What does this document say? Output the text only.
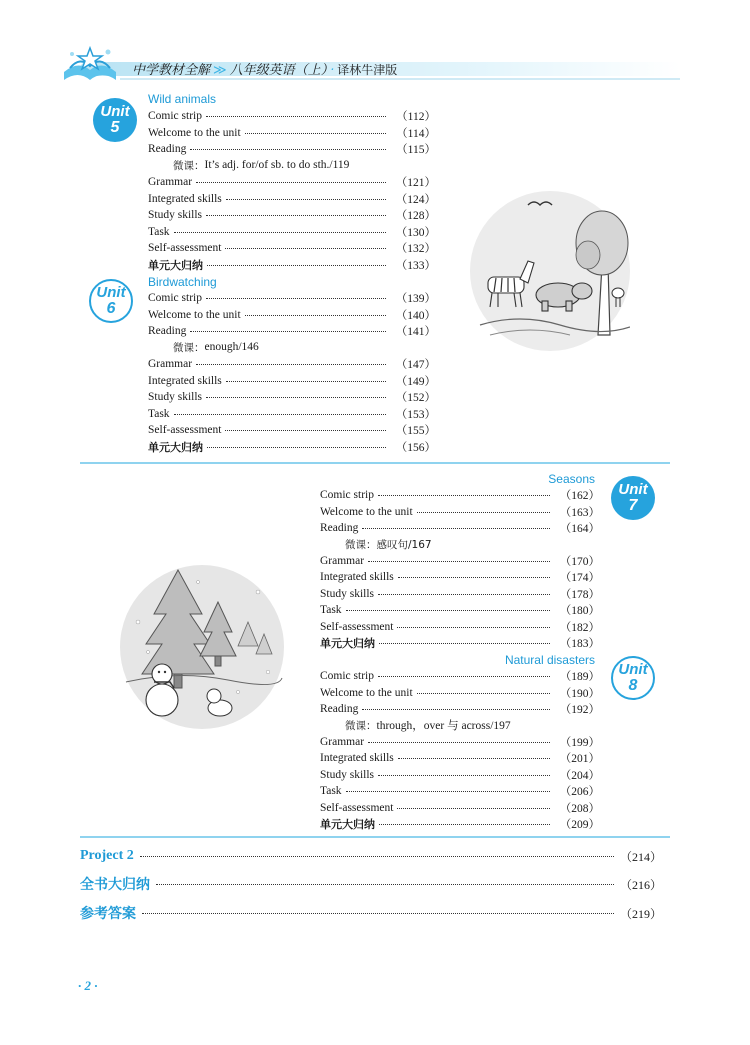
中学教材全解 ≫ 八年级英语（上） · 译林牛津版
Unit
5
Wild animals
Comic strip	（112）
Welcome to the unit	（114）
Reading	（115）
微课： It’s adj. for/of sb. to do sth./119
Grammar	（121）
Integrated skills	（124）
Study skills	（128）
Task	（130）
Self-assessment	（132）
单元大归纳	（133）
Unit
6
Birdwatching
Comic strip	（139）
Welcome to the unit	（140）
Reading	（141）
微课： enough/146
Grammar	（147）
Integrated skills	（149）
Study skills	（152）
Task	（153）
Self-assessment	（155）
单元大归纳	（156）
Seasons
Unit
7
Comic strip	（162）
Welcome to the unit	（163）
Reading	（164）
微课： 感叹句/167
Grammar	（170）
Integrated skills	（174）
Study skills	（178）
Task	（180）
Self-assessment	（182）
单元大归纳	（183）
Natural disasters
Unit
8
Comic strip	（189）
Welcome to the unit	（190）
Reading	（192）
微课： through，over 与 across/197
Grammar	（199）
Integrated skills	（201）
Study skills	（204）
Task	（206）
Self-assessment	（208）
单元大归纳	（209）
Project 2	（214）
全书大归纳	（216）
参考答案	（219）
· 2 ·
